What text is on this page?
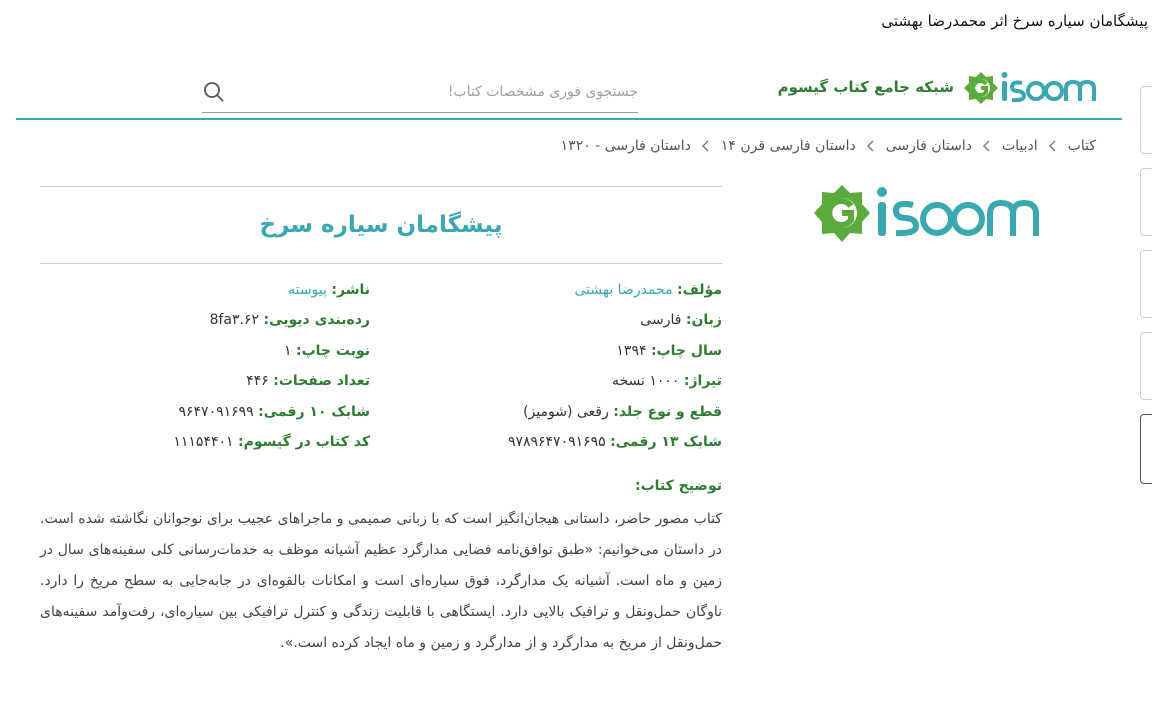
پیشگامان سیاره سرخ اثر محمدرضا بهشتی
شبکه جامع کتاب گیسوم
جستجوی فوری مشخصات کتاب!
کتاب
ادبیات
داستان فارسی
داستان فارسی قرن ۱۴
داستان فارسی - ۱۳۲۰
پیشگامان سیاره سرخ
مؤلف: محمدرضا بهشتی
ناشر: پیوسته
زبان: فارسی
رده‌بندی دیویی: 8fa۳.۶۲
سال چاپ: ۱۳۹۴
نوبت چاپ: ۱
تیراژ: ۱۰۰۰ نسخه
تعداد صفحات: ۴۴۶
قطع و نوع جلد: رقعی (شومیز)
شابک ۱۰ رقمی: ۹۶۴۷۰۹۱۶۹۹
شابک ۱۳ رقمی: ۹۷۸۹۶۴۷۰۹۱۶۹۵
کد کتاب در گیسوم: ۱۱۱۵۴۴۰۱
توضیح کتاب:

کتاب مصور حاضر، داستانی هیجان‌انگیز است که با زبانی صمیمی و ماجراهای عجیب برای نوجوانان نگاشته شده است. در داستان می‌خوانیم: «طبق توافق‌نامه فضایی مدارگرد عظیم آشیانه موظف به خدمات‌رسانی کلی سفینه‌های سال در زمین و ماه است. آشیانه یک مدارگرد، فوق سیاره‌ای است و امکانات بالقوه‌ای در جابه‌جایی به سطح مریخ را دارد. ناوگان حمل‌ونقل و ترافیک بالایی دارد. ایستگاهی با قابلیت زندگی و کنترل ترافیکی بین سیاره‌ای، رفت‌وآمد سفینه‌های حمل‌ونقل از مریخ به مدارگرد و از مدارگرد و زمین و ماه ایجاد کرده است.».
